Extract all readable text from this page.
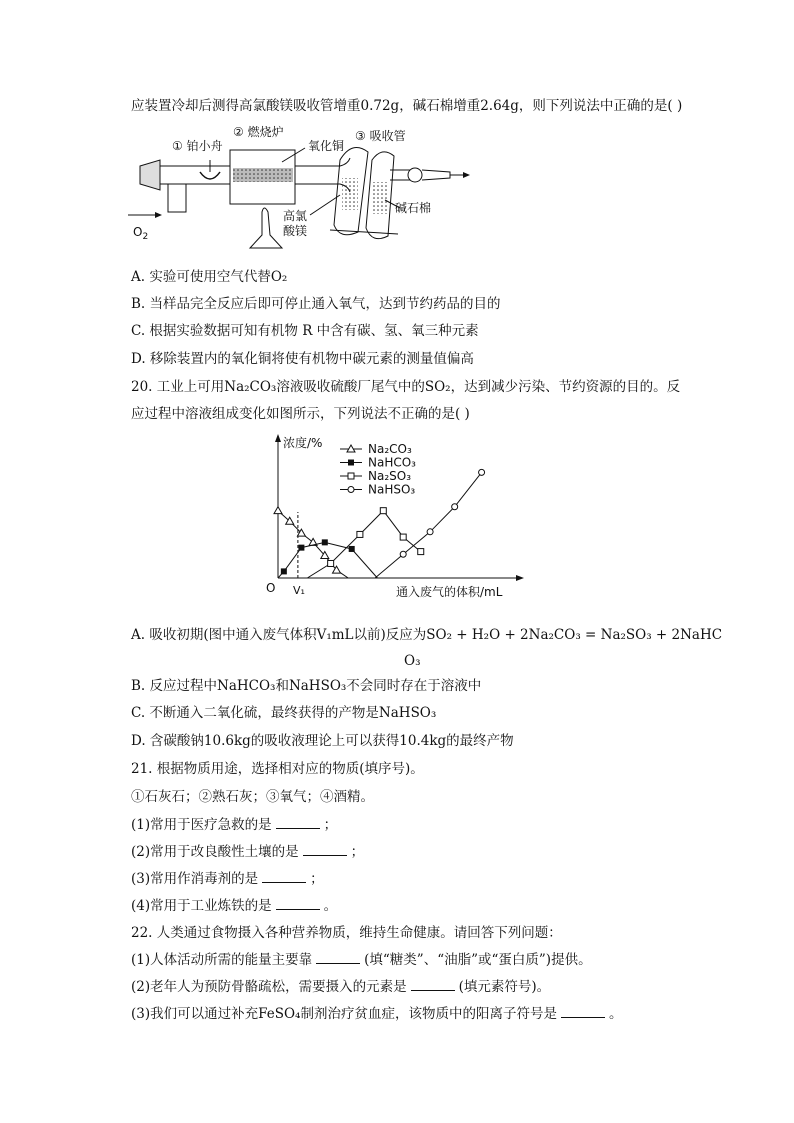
应装置冷却后测得高氯酸镁吸收管增重0.72g，碱石棉增重2.64g，则下列说法中正确的是( )
$O_2$
① 铂小舟
② 燃烧炉
氧化铜
高氯
酸镁
③ 吸收管
碱石棉
A. 实验可使用空气代替O₂
B. 当样品完全反应后即可停止通入氧气，达到节约药品的目的
C. 根据实验数据可知有机物 R 中含有碳、氢、氧三种元素
D. 移除装置内的氧化铜将使有机物中碳元素的测量值偏高
20. 工业上可用Na₂CO₃溶液吸收硫酸厂尾气中的SO₂，达到减少污染、节约资源的目的。反
应过程中溶液组成变化如图所示，下列说法不正确的是( )
浓度/%
通入废气的体积/mL
O V₁
Na₂CO₃
NaHCO₃
Na₂SO₃
NaHSO₃
A. 吸收初期(图中通入废气体积V₁mL以前)反应为SO₂ + H₂O + 2Na₂CO₃ = Na₂SO₃ + 2NaHC
O₃
B. 反应过程中NaHCO₃和NaHSO₃不会同时存在于溶液中
C. 不断通入二氧化硫，最终获得的产物是NaHSO₃
D. 含碳酸钠10.6kg的吸收液理论上可以获得10.4kg的最终产物
21. 根据物质用途，选择相对应的物质(填序号)。
①石灰石；②熟石灰；③氧气；④酒精。
(1)常用于医疗急救的是	；
(2)常用于改良酸性土壤的是	；
(3)常用作消毒剂的是	；
(4)常用于工业炼铁的是	。
22. 人类通过食物摄入各种营养物质，维持生命健康。请回答下列问题：
(1)人体活动所需的能量主要靠	(填“糖类”、“油脂”或“蛋白质”)提供。
(2)老年人为预防骨骼疏松，需要摄入的元素是	(填元素符号)。
(3)我们可以通过补充FeSO₄制剂治疗贫血症，该物质中的阳离子符号是	。
